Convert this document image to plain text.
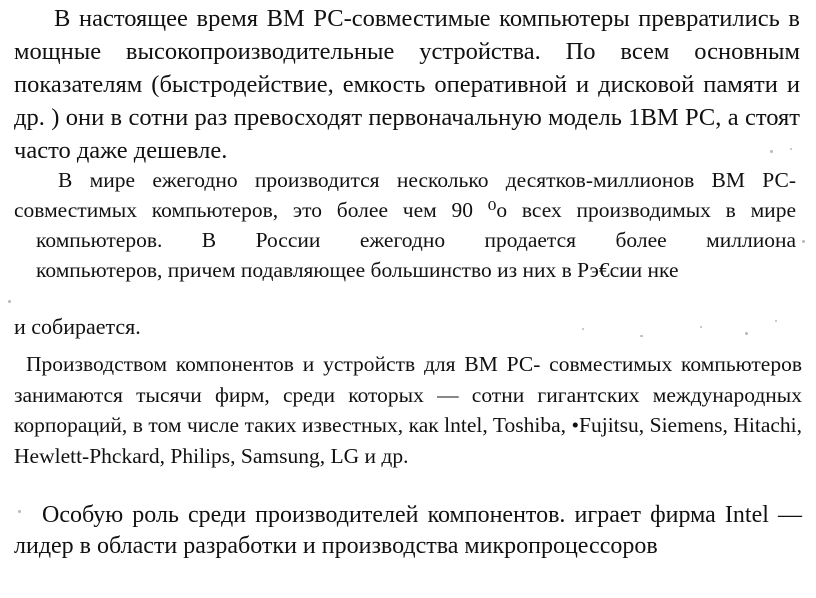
В настоящее время ВМ РС-совместимые компьютеры превратились в мощные высокопроизводительные устройства. По всем основным показателям (быстродействие, емкость оперативной и дисковой памяти и др. ) они в сотни раз превосходят первоначальную модель 1ВМ РС, а стоят часто даже дешевле.

В мире ежегодно производится несколько десятков-миллионов ВМ РС-
совместимых компьютеров, это более чем 90 ⁰о всех производимых в мире
компьютеров. В России ежегодно продается более миллиона
компьютеров, причем подавляющее большинство из них в Рэ€сии нке

и собирается.

Производством компонентов и устройств для ВМ РС- совместимых компьютеров занимаются тысячи фирм, среди которых — сотни гигантских международных корпораций, в том числе таких известных, как lntel, Toshiba, •Fujitsu, Siemens, Hitachi, Hewlett-Phckard, Philips, Samsung, LG и др.

Особую роль среди производителей компонентов. играет фирма Intel — лидер в области разработки и производства микропроцессоров
